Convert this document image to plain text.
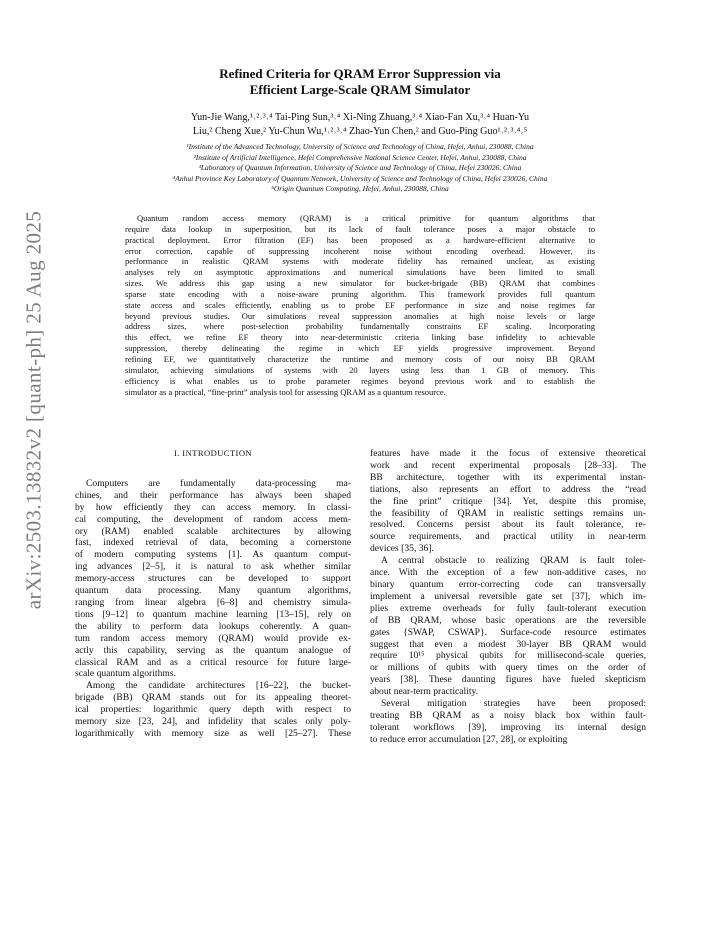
arXiv:2503.13832v2 [quant-ph] 25 Aug 2025
Refined Criteria for QRAM Error Suppression via
Efficient Large-Scale QRAM Simulator
Yun-Jie Wang,¹˒²˒³˒⁴ Tai-Ping Sun,³˒⁴ Xi-Ning Zhuang,³˒⁴ Xiao-Fan Xu,³˒⁴ Huan-Yu
Liu,² Cheng Xue,² Yu-Chun Wu,¹˒²˒³˒⁴ Zhao-Yun Chen,² and Guo-Ping Guo¹˒²˒³˒⁴˒⁵
¹Institute of the Advanced Technology, University of Science and Technology of China, Hefei, Anhui, 230088, China
²Institute of Artificial Intelligence, Hefei Comprehensive National Science Center, Hefei, Anhui, 230088, China
³Laboratory of Quantum Information, University of Science and Technology of China, Hefei 230026, China
⁴Anhui Province Key Laboratory of Quantum Network, University of Science and Technology of China, Hefei 230026, China
⁵Origin Quantum Computing, Hefei, Anhui, 230088, China
Quantum random access memory (QRAM) is a critical primitive for quantum algorithms that
require data lookup in superposition, but its lack of fault tolerance poses a major obstacle to
practical deployment. Error filtration (EF) has been proposed as a hardware-efficient alternative to
error correction, capable of suppressing incoherent noise without encoding overhead. However, its
performance in realistic QRAM systems with moderate fidelity has remained unclear, as existing
analyses rely on asymptotic approximations and numerical simulations have been limited to small
sizes. We address this gap using a new simulator for bucket-brigade (BB) QRAM that combines
sparse state encoding with a noise-aware pruning algorithm. This framework provides full quantum
state access and scales efficiently, enabling us to probe EF performance in size and noise regimes far
beyond previous studies. Our simulations reveal suppression anomalies at high noise levels or large
address sizes, where post-selection probability fundamentally constrains EF scaling. Incorporating
this effect, we refine EF theory into near-deterministic criteria linking base infidelity to achievable
suppression, thereby delineating the regime in which EF yields progressive improvement. Beyond
refining EF, we quantitatively characterize the runtime and memory costs of our noisy BB QRAM
simulator, achieving simulations of systems with 20 layers using less than 1 GB of memory. This
efficiency is what enables us to probe parameter regimes beyond previous work and to establish the
simulator as a practical, “fine-print” analysis tool for assessing QRAM as a quantum resource.
I. INTRODUCTION
Computers are fundamentally data-processing ma-
chines, and their performance has always been shaped
by how efficiently they can access memory. In classi-
cal computing, the development of random access mem-
ory (RAM) enabled scalable architectures by allowing
fast, indexed retrieval of data, becoming a cornerstone
of modern computing systems [1]. As quantum comput-
ing advances [2–5], it is natural to ask whether similar
memory-access structures can be developed to support
quantum data processing. Many quantum algorithms,
ranging from linear algebra [6–8] and chemistry simula-
tions [9–12] to quantum machine learning [13–15], rely on
the ability to perform data lookups coherently. A quan-
tum random access memory (QRAM) would provide ex-
actly this capability, serving as the quantum analogue of
classical RAM and as a critical resource for future large-
scale quantum algorithms.
Among the candidate architectures [16–22], the bucket-
brigade (BB) QRAM stands out for its appealing theoret-
ical properties: logarithmic query depth with respect to
memory size [23, 24], and infidelity that scales only poly-
logarithmically with memory size as well [25–27]. These
features have made it the focus of extensive theoretical
work and recent experimental proposals [28–33]. The
BB architecture, together with its experimental instan-
tiations, also represents an effort to address the “read
the fine print” critique [34]. Yet, despite this promise,
the feasibility of QRAM in realistic settings remains un-
resolved. Concerns persist about its fault tolerance, re-
source requirements, and practical utility in near-term
devices [35, 36].
A central obstacle to realizing QRAM is fault toler-
ance. With the exception of a few non-additive cases, no
binary quantum error-correcting code can transversally
implement a universal reversible gate set [37], which im-
plies extreme overheads for fully fault-tolerant execution
of BB QRAM, whose basic operations are the reversible
gates {SWAP, CSWAP}. Surface-code resource estimates
suggest that even a modest 30-layer BB QRAM would
require 10¹⁵ physical qubits for millisecond-scale queries,
or millions of qubits with query times on the order of
years [38]. These daunting figures have fueled skepticism
about near-term practicality.
Several mitigation strategies have been proposed:
treating BB QRAM as a noisy black box within fault-
tolerant workflows [39], improving its internal design
to reduce error accumulation [27, 28], or exploiting
